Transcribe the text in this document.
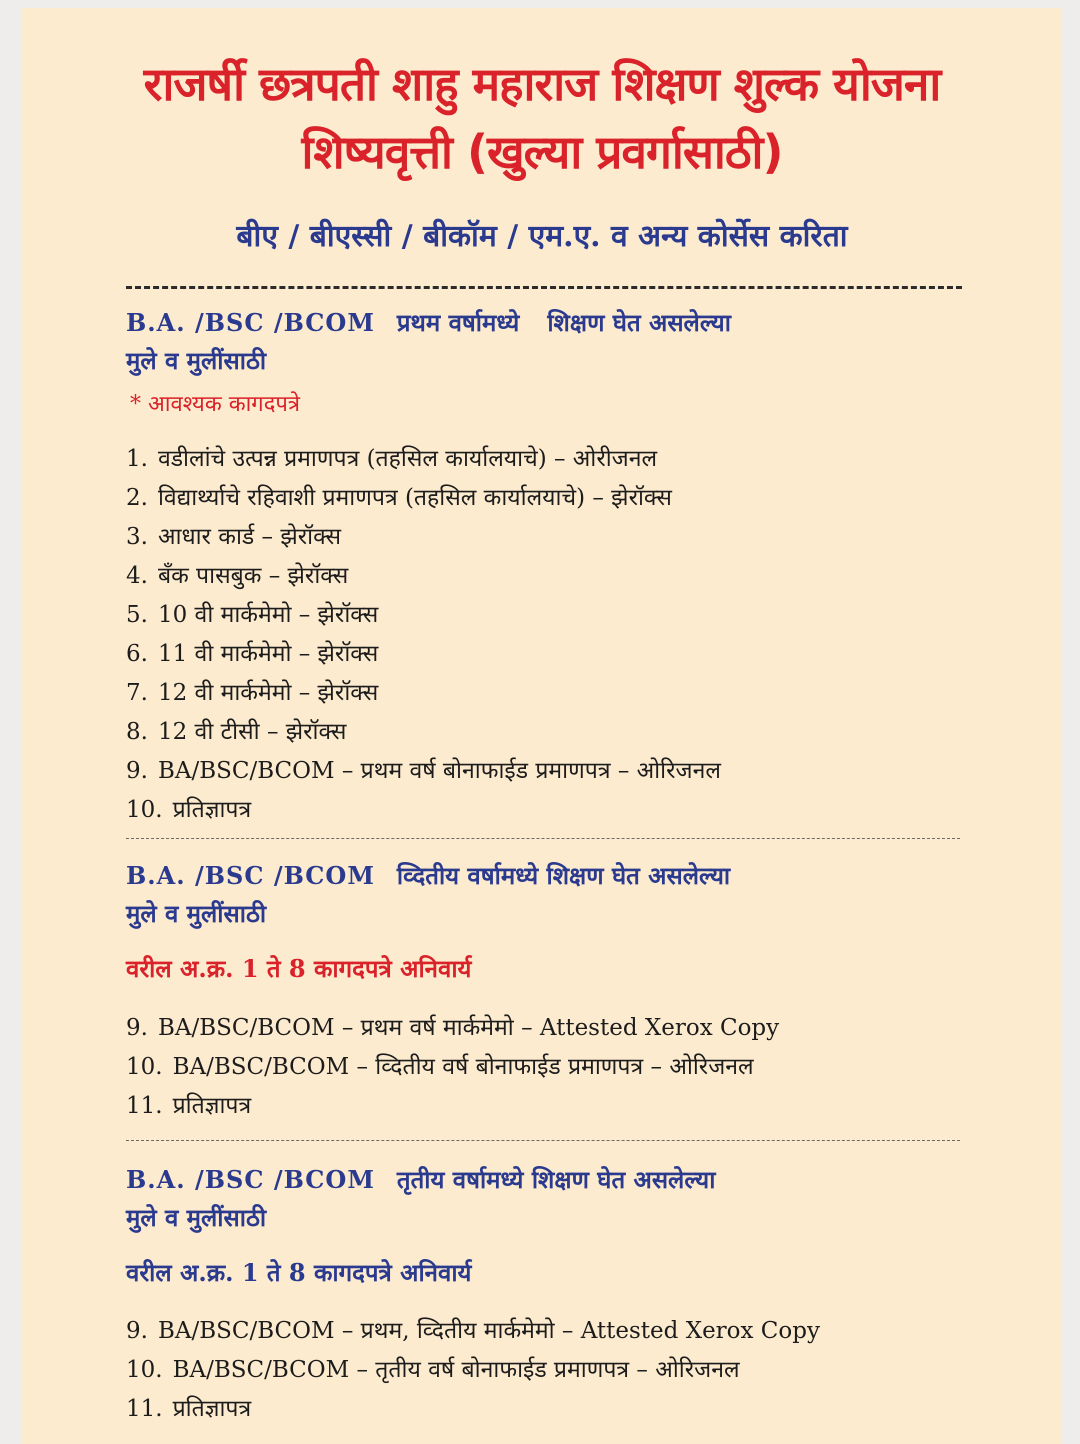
राजर्षी छत्रपती शाहु महाराज शिक्षण शुल्क योजना
शिष्यवृत्ती (खुल्या प्रवर्गासाठी)
बीए / बीएस्सी / बीकॉम / एम.ए. व अन्य कोर्सेस करिता
B.A. /BSC /BCOM प्रथम वर्षामध्ये शिक्षण घेत असलेल्या
मुले व मुलींसाठी
* आवश्यक कागदपत्रे
1. वडीलांचे उत्पन्न प्रमाणपत्र (तहसिल कार्यालयाचे) – ओरीजनल
2. विद्यार्थ्याचे रहिवाशी प्रमाणपत्र (तहसिल कार्यालयाचे) – झेरॉक्स
3. आधार कार्ड – झेरॉक्स
4. बँक पासबुक – झेरॉक्स
5. 10 वी मार्कमेमो – झेरॉक्स
6. 11 वी मार्कमेमो – झेरॉक्स
7. 12 वी मार्कमेमो – झेरॉक्स
8. 12 वी टीसी – झेरॉक्स
9. BA/BSC/BCOM – प्रथम वर्ष बोनाफाईड प्रमाणपत्र – ओरिजनल
10. प्रतिज्ञापत्र
B.A. /BSC /BCOM व्दितीय वर्षामध्ये शिक्षण घेत असलेल्या
मुले व मुलींसाठी
वरील अ.क्र. 1 ते 8 कागदपत्रे अनिवार्य
9. BA/BSC/BCOM – प्रथम वर्ष मार्कमेमो – Attested Xerox Copy
10. BA/BSC/BCOM – व्दितीय वर्ष बोनाफाईड प्रमाणपत्र – ओरिजनल
11. प्रतिज्ञापत्र
B.A. /BSC /BCOM तृतीय वर्षामध्ये शिक्षण घेत असलेल्या
मुले व मुलींसाठी
वरील अ.क्र. 1 ते 8 कागदपत्रे अनिवार्य
9. BA/BSC/BCOM – प्रथम, व्दितीय मार्कमेमो – Attested Xerox Copy
10. BA/BSC/BCOM – तृतीय वर्ष बोनाफाईड प्रमाणपत्र – ओरिजनल
11. प्रतिज्ञापत्र
